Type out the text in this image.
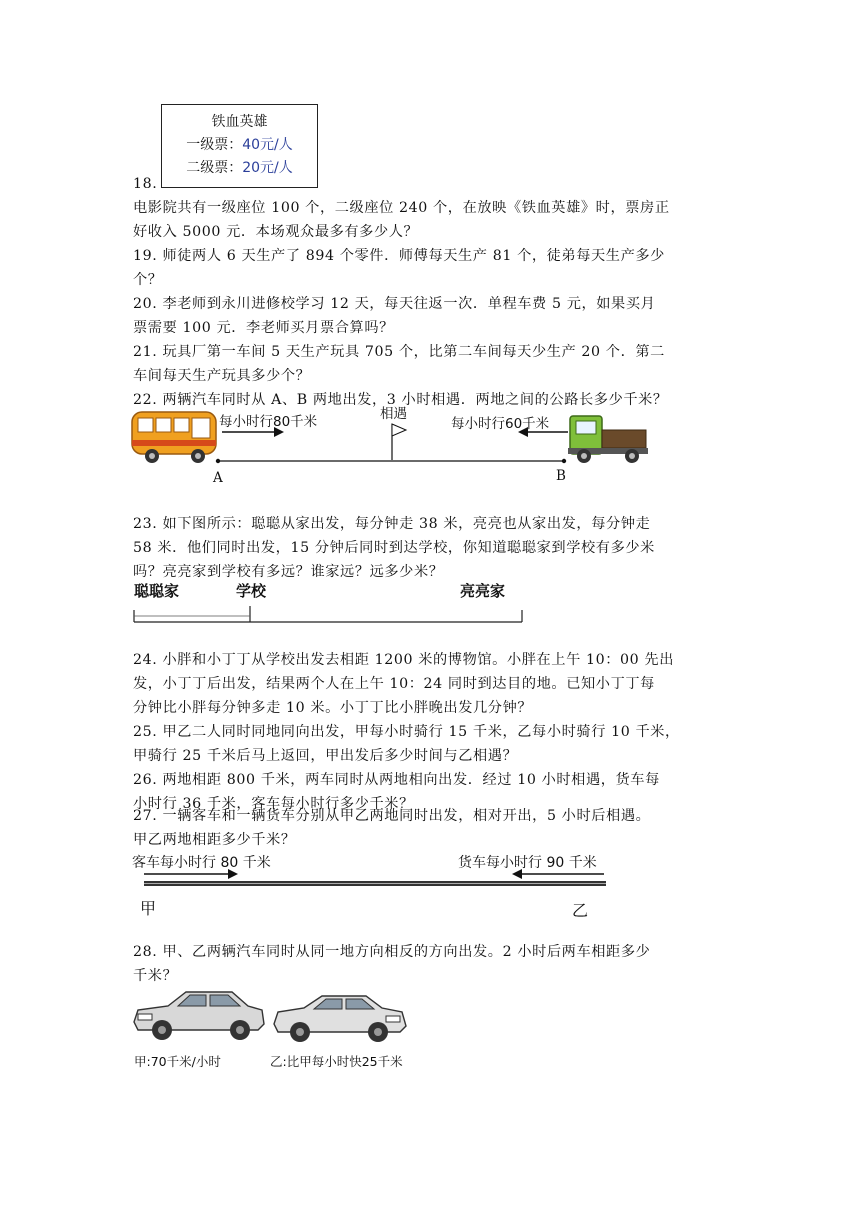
铁血英雄
一级票：40元/人
二级票：20元/人
18.
电影院共有一级座位 100 个，二级座位 240 个，在放映《铁血英雄》时，票房正
好收入 5000 元．本场观众最多有多少人？
19. 师徒两人 6 天生产了 894 个零件．师傅每天生产 81 个，徒弟每天生产多少
个？
20. 李老师到永川进修校学习 12 天，每天往返一次．单程车费 5 元，如果买月
票需要 100 元．李老师买月票合算吗？
21. 玩具厂第一车间 5 天生产玩具 705 个，比第二车间每天少生产 20 个．第二
车间每天生产玩具多少个？
22. 两辆汽车同时从 A、B 两地出发，3 小时相遇．两地之间的公路长多少千米？
每小时行80千米	相遇
每小时行60千米
A	B
23. 如下图所示：聪聪从家出发，每分钟走 38 米，亮亮也从家出发，每分钟走
58 米．他们同时出发，15 分钟后同时到达学校，你知道聪聪家到学校有多少米
吗？亮亮家到学校有多远？谁家远？远多少米？
聪聪家	学校	亮亮家
24. 小胖和小丁丁从学校出发去相距 1200 米的博物馆。小胖在上午 10：00 先出
发，小丁丁后出发，结果两个人在上午 10：24 同时到达目的地。已知小丁丁每
分钟比小胖每分钟多走 10 米。小丁丁比小胖晚出发几分钟？
25. 甲乙二人同时同地同向出发，甲每小时骑行 15 千米，乙每小时骑行 10 千米，
甲骑行 25 千米后马上返回，甲出发后多少时间与乙相遇？
26. 两地相距 800 千米，两车同时从两地相向出发．经过 10 小时相遇，货车每
小时行 36 千米，客车每小时行多少千米？
27. 一辆客车和一辆货车分别从甲乙两地同时出发，相对开出，5 小时后相遇。
甲乙两地相距多少千米？
客车每小时行 80 千米	货车每小时行 90 千米
甲	乙
28. 甲、乙两辆汽车同时从同一地方向相反的方向出发。2 小时后两车相距多少
千米？
甲:70千米/小时	乙:比甲每小时快25千米
